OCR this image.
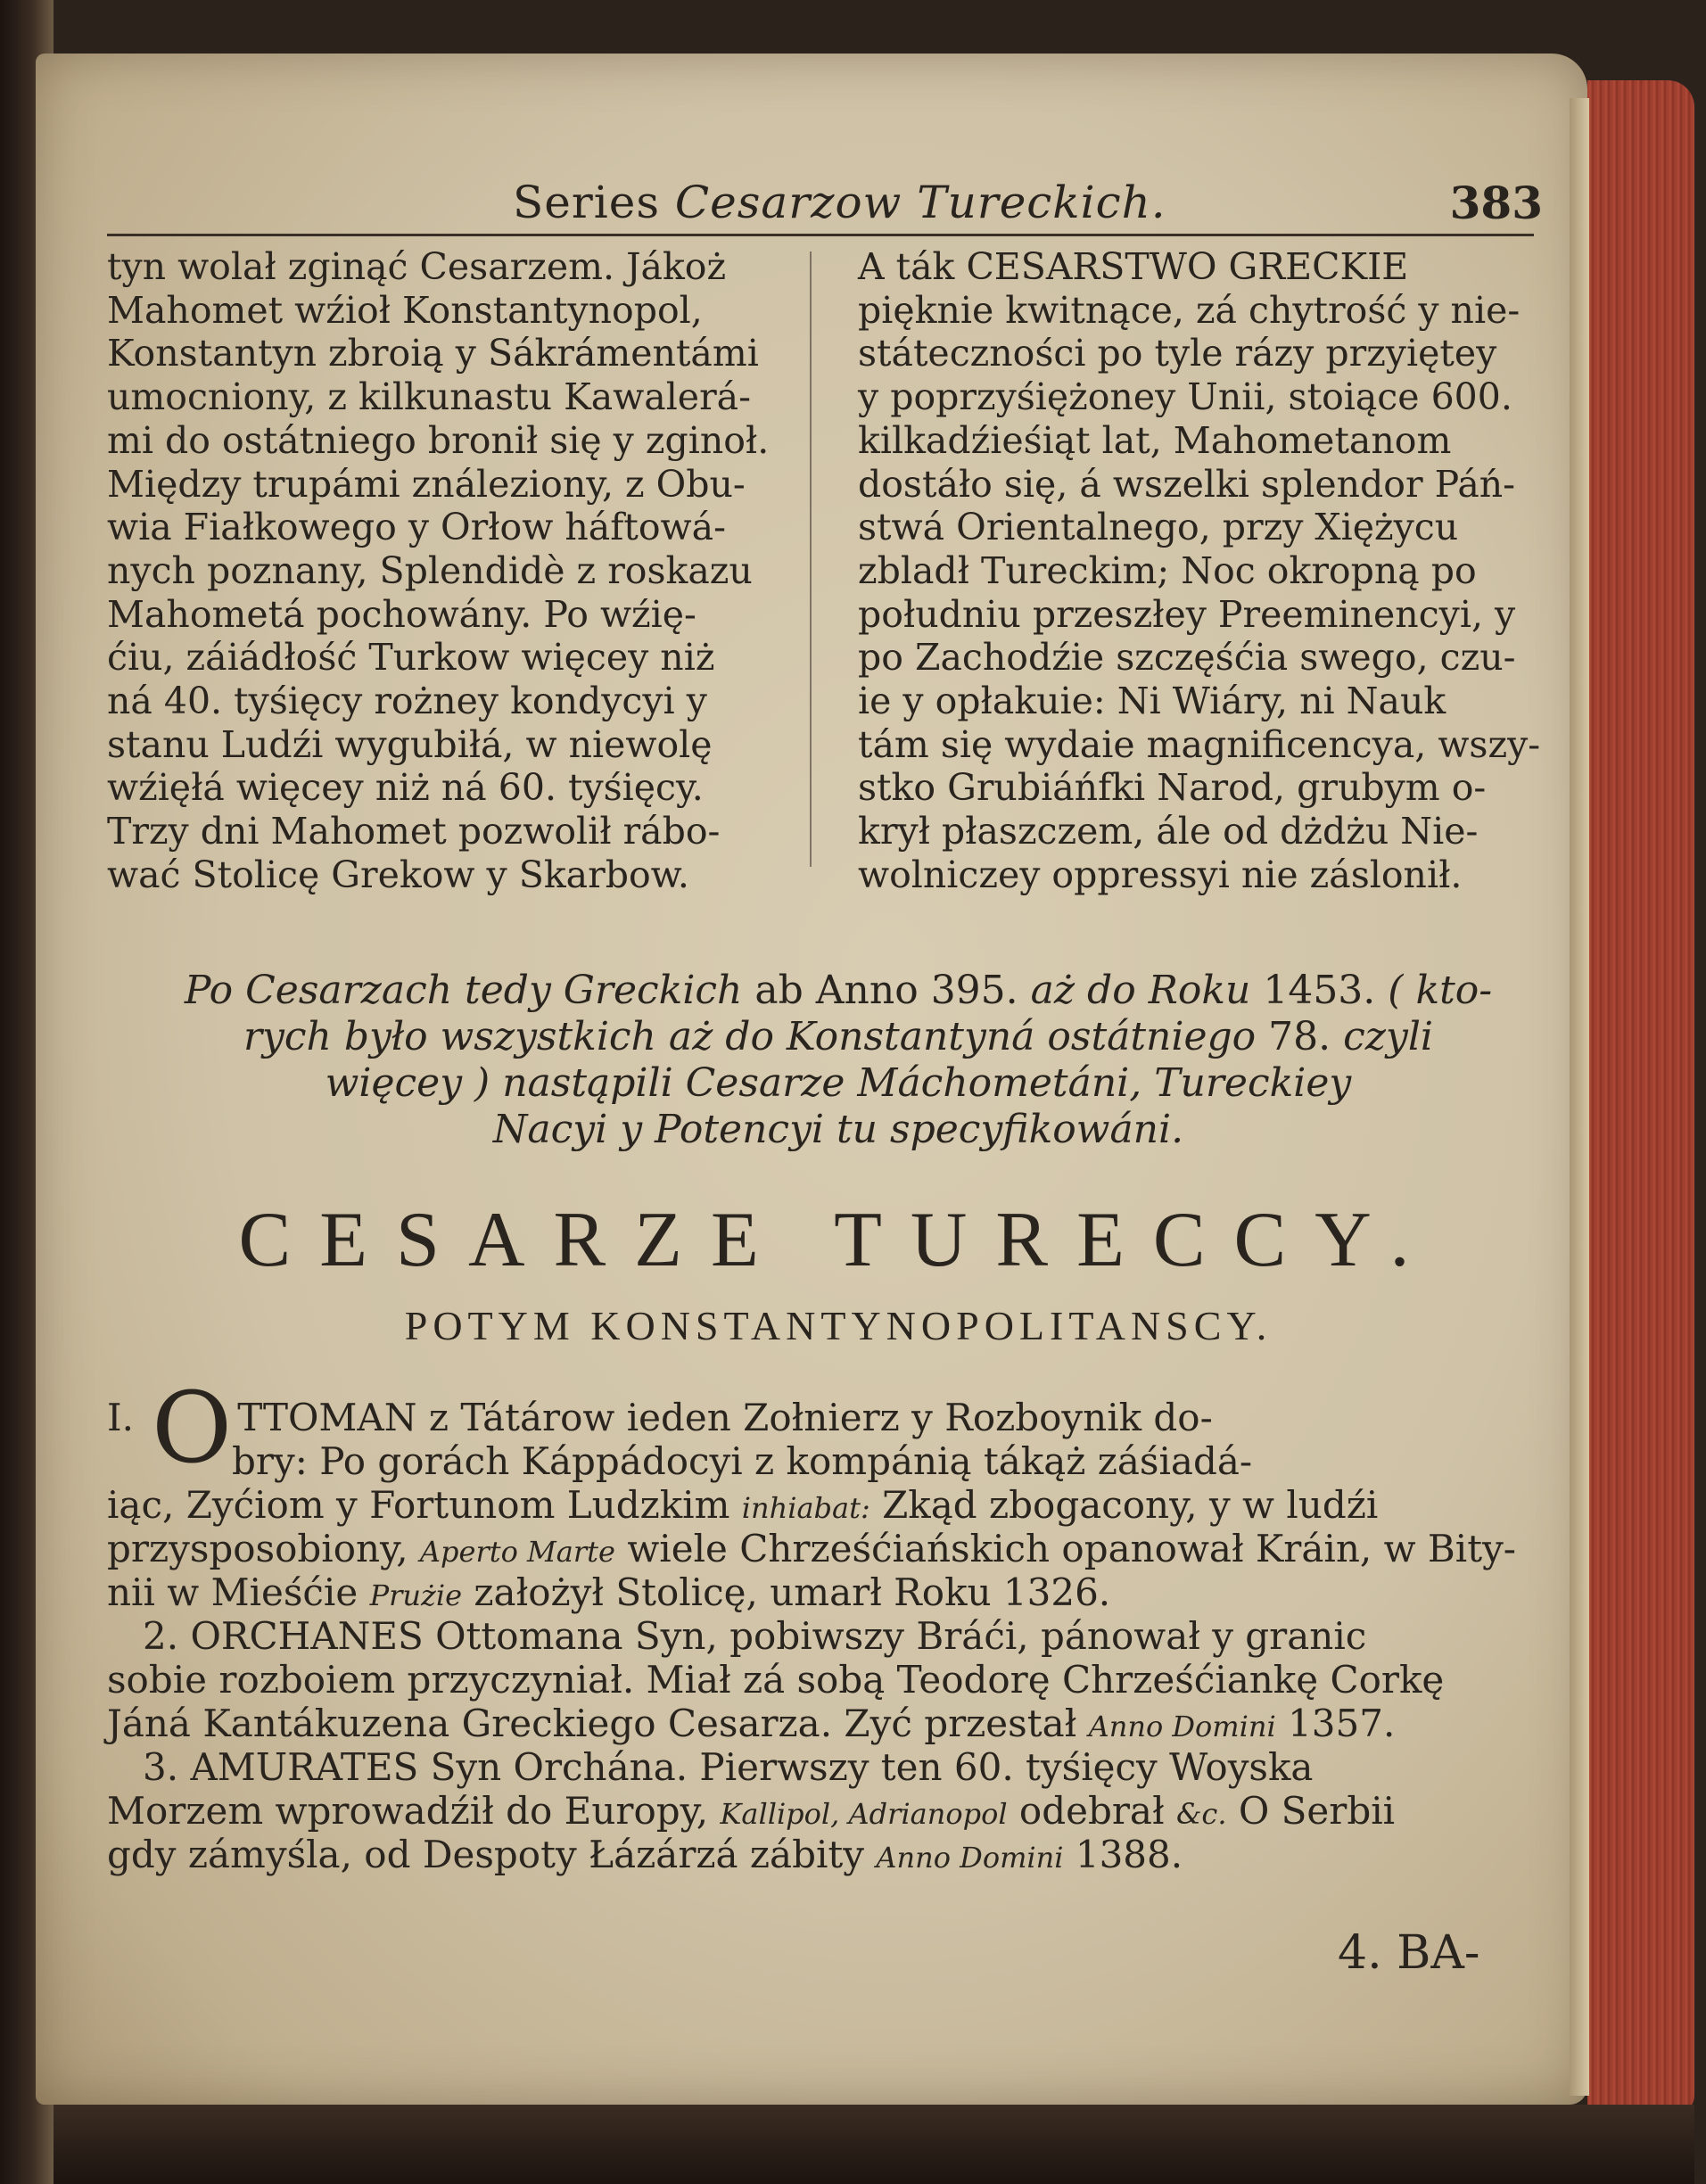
Series Cesarzow Tureckich.	383
tyn wolał zginąć Cesarzem. Jákoż
Mahomet wźioł Konstantynopol,
Konstantyn zbroią y Sákrámentámi
umocniony, z kilkunastu Kawalerá-
mi do ostátniego bronił się y zginoł.
Między trupámi ználeziony, z Obu-
wia Fiałkowego y Orłow háftowá-
nych poznany, Splendidè z roskazu
Mahometá pochowány. Po wźię-
ćiu, záiádłość Turkow więcey niż
ná 40. tyśięcy rożney kondycyi y
stanu Ludźi wygubiłá, w niewolę
wźięłá więcey niż ná 60. tyśięcy.
Trzy dni Mahomet pozwolił rábo-
wać Stolicę Grekow y Skarbow.
A ták CESARSTWO GRECKIE
pięknie kwitnące, zá chytrość y nie-
státeczności po tyle rázy przyiętey
y poprzyśiężoney Unii, stoiące 600.
kilkadźieśiąt lat, Mahometanom
dostáło się, á wszelki splendor Páń-
stwá Orientalnego, przy Xiężycu
zbladł Tureckim; Noc okropną po
południu przeszłey Preeminencyi, y
po Zachodźie szczęśćia swego, czu-
ie y opłakuie: Ni Wiáry, ni Nauk
tám się wydaie magnificencya, wszy-
stko Grubiáńfki Narod, grubym o-
krył płaszczem, ále od dżdżu Nie-
wolniczey oppressyi nie záslonił.
Po Cesarzach tedy Greckich ab Anno 395. aż do Roku 1453. ( kto-
rych było wszystkich aż do Konstantyná ostátniego 78. czyli
więcey ) nastąpili Cesarze Máchometáni, Tureckiey
Nacyi y Potencyi tu specyfikowáni.
CESARZE TURECCY.
POTYM KONSTANTYNOPOLITANSCY.
I. O TTOMAN z Tátárow ieden Zołnierz y Rozboynik do-
bry: Po gorách Káppádocyi z kompánią tákąż záśiadá-
iąc, Zyćiom y Fortunom Ludzkim inhiabat: Zkąd zbogacony, y w ludźi
przysposobiony, Aperto Marte wiele Chrześćiańskich opanował Kráin, w Bity-
nii w Mieśćie Prużie założył Stolicę, umarł Roku 1326.
2. ORCHANES Ottomana Syn, pobiwszy Bráći, pánował y granic
sobie rozboiem przyczyniał. Miał zá sobą Teodorę Chrześćiankę Corkę
Jáná Kantákuzena Greckiego Cesarza. Zyć przestał Anno Domini 1357.
3. AMURATES Syn Orchána. Pierwszy ten 60. tyśięcy Woyska
Morzem wprowadźił do Europy, Kallipol, Adrianopol odebrał &c. O Serbii
gdy zámyśla, od Despoty Łázárzá zábity Anno Domini 1388.
4. BA-
